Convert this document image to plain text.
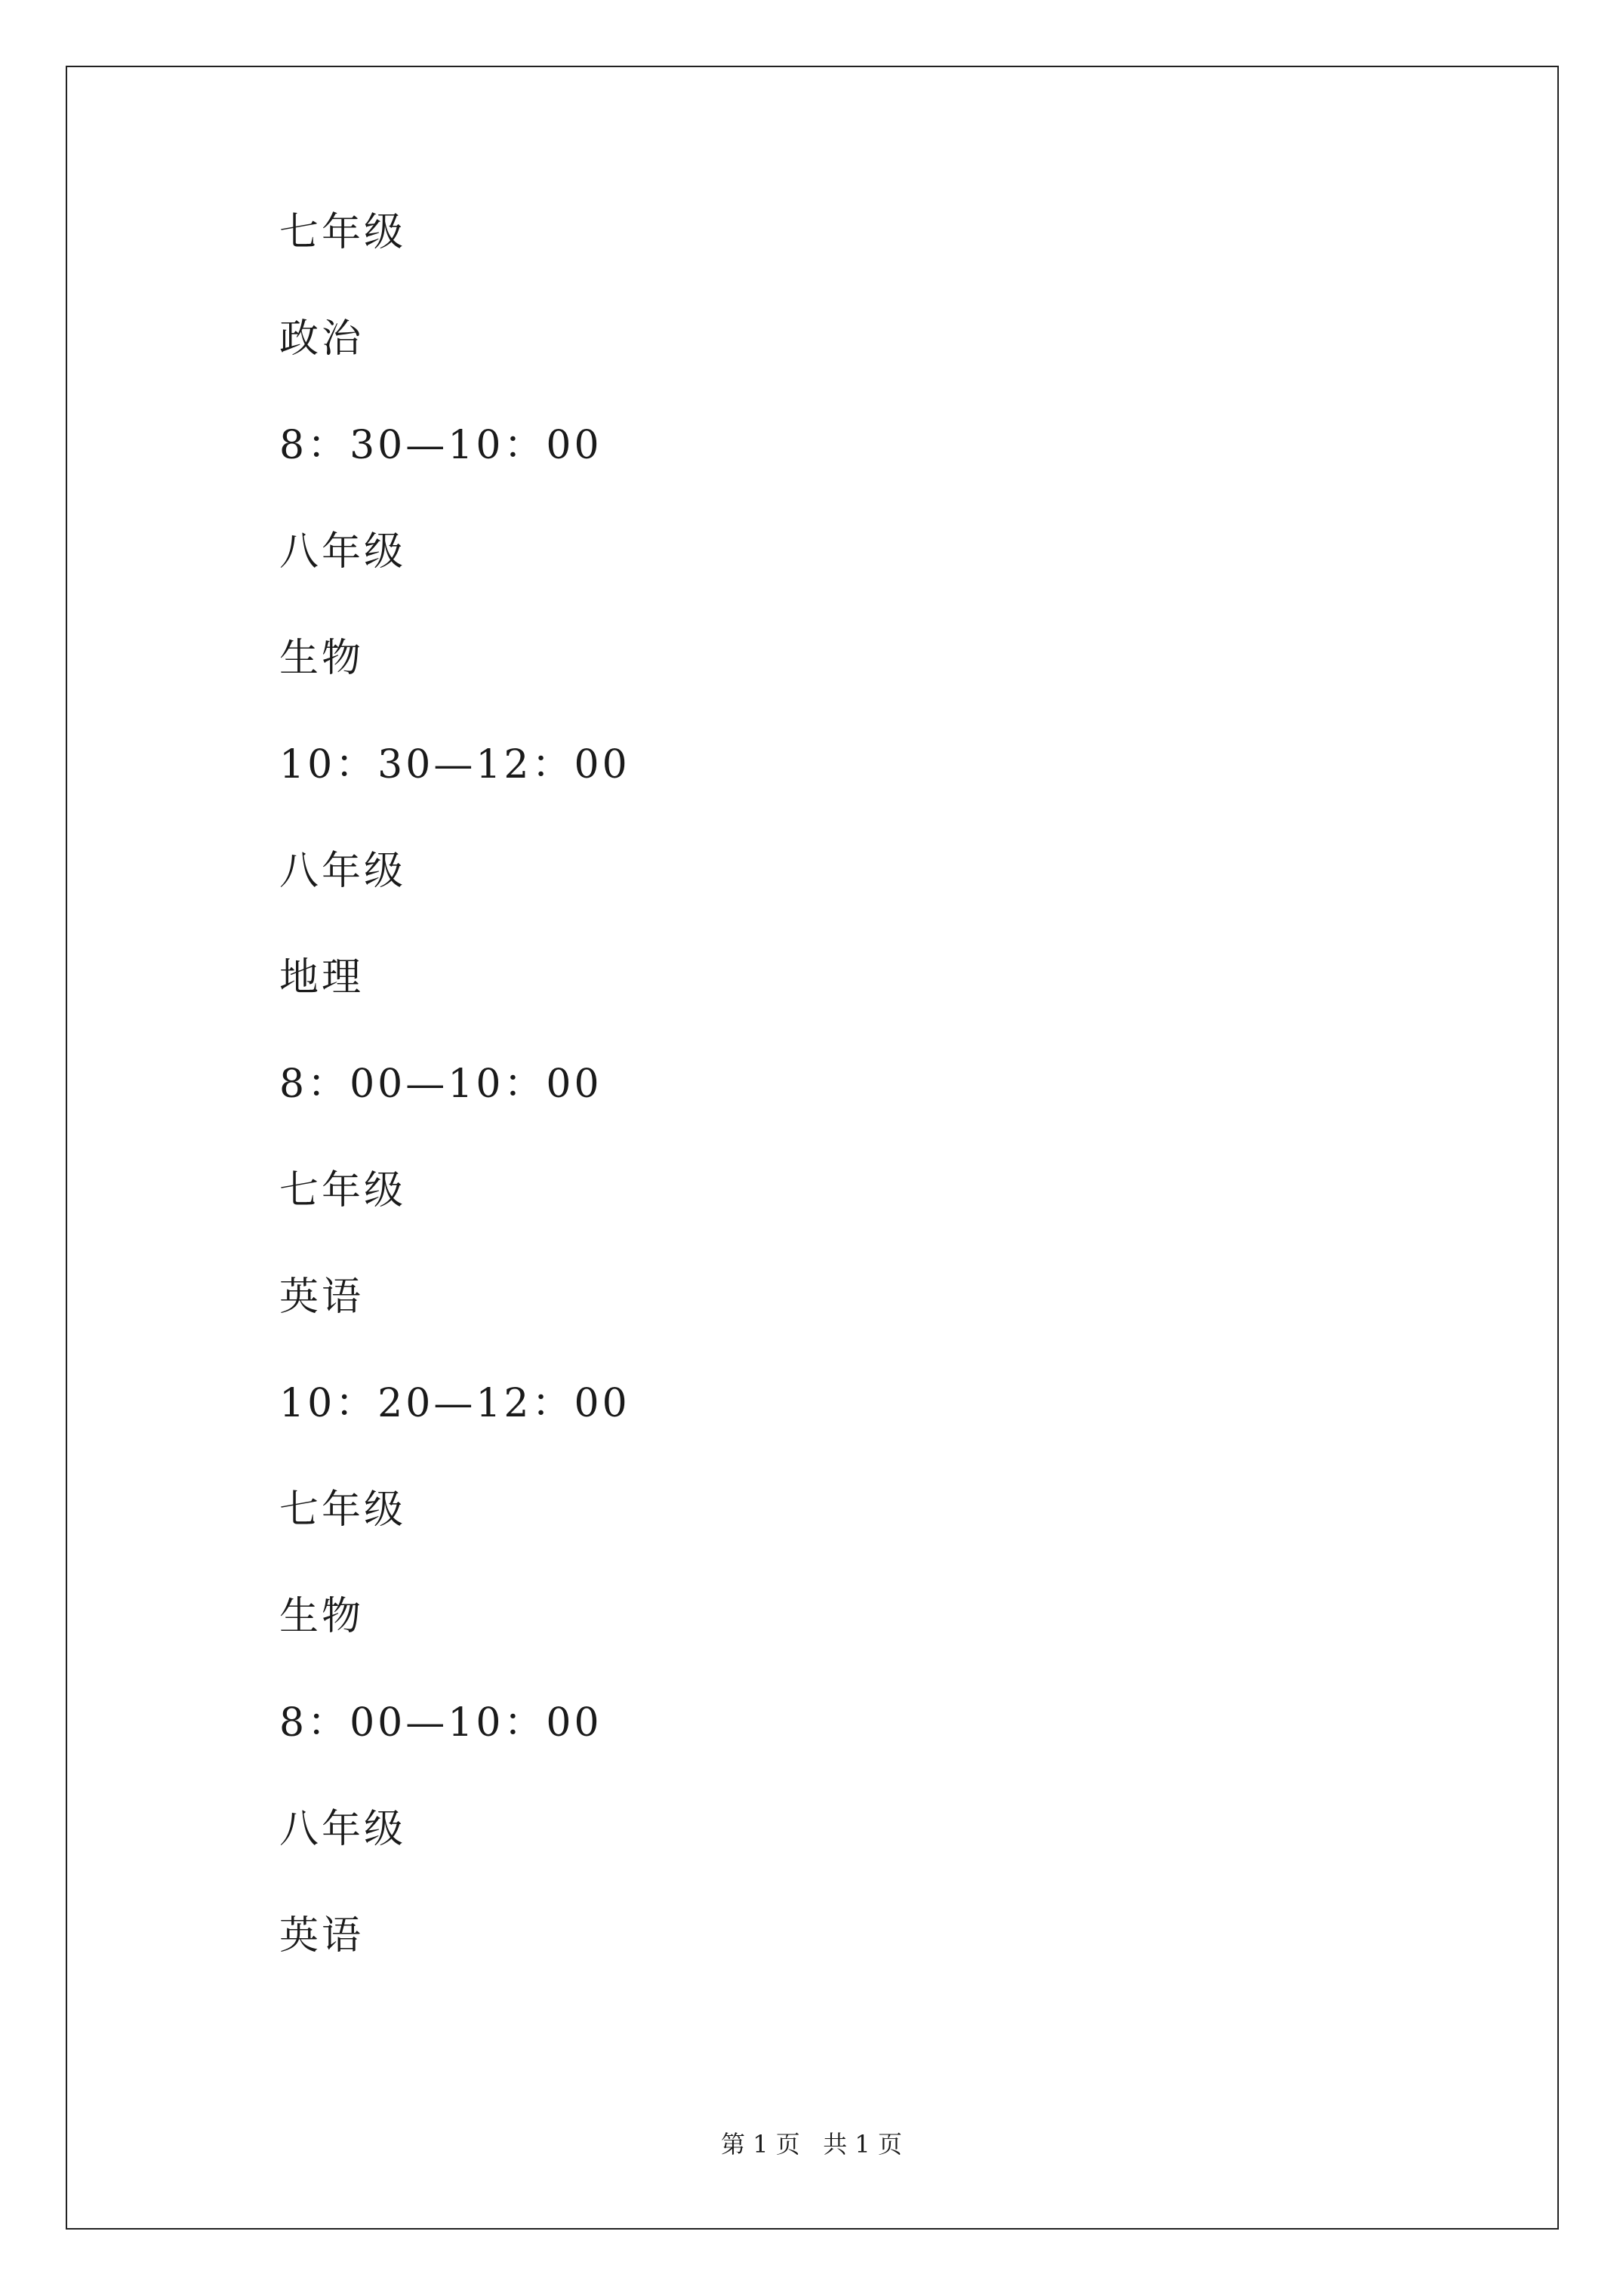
七年级
政治
8：30—10：00
八年级
生物
10：30—12：00
八年级
地理
8：00—10：00
七年级
英语
10：20—12：00
七年级
生物
8：00—10：00
八年级
英语
第 1 页   共 1 页
